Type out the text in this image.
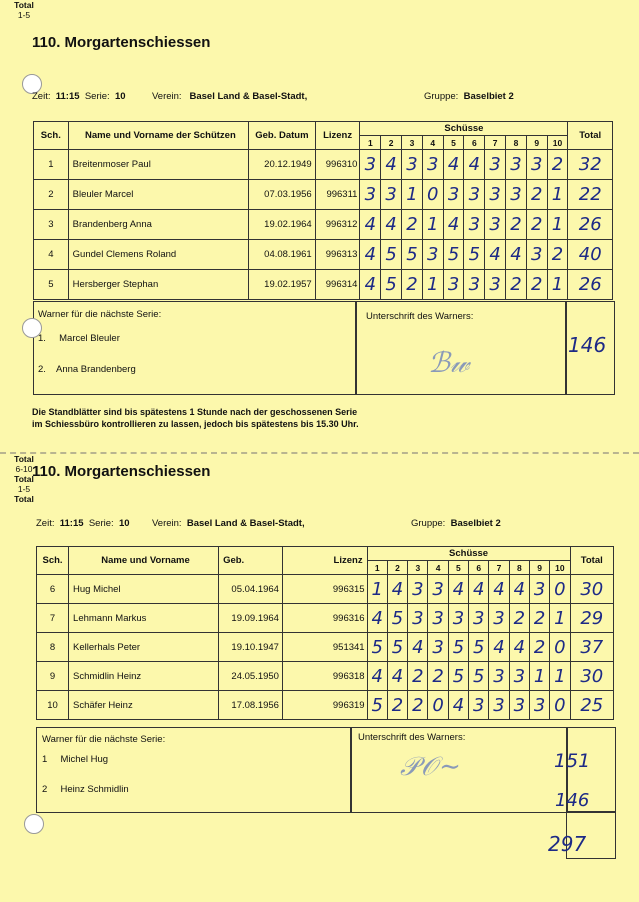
110. Morgartenschiessen
Zeit: 11:15 Serie: 10	Verein: Basel Land & Basel-Stadt,	Gruppe: Baselbiet 2
Sch.	Name und Vorname der Schützen	Geb. Datum	Lizenz	Schüsse										Total
				1	2	3	4	5	6	7	8	9	10	
1	Breitenmoser Paul	20.12.1949	996310	3	4	3	3	4	4	3	3	3	2	32
2	Bleuler Marcel	07.03.1956	996311	3	3	1	0	3	3	3	3	2	1	22
3	Brandenberg Anna	19.02.1964	996312	4	4	2	1	4	3	3	2	2	1	26
4	Gundel Clemens Roland	04.08.1961	996313	4	5	5	3	5	5	4	4	3	2	40
5	Hersberger Stephan	19.02.1957	996314	4	5	2	1	3	3	3	2	2	1	26
Warner für die nächste Serie:
1. Marcel Bleuler
2. Anna Brandenberg
Unterschrift des Warners:
ℬ𝓌
Total
1-5
146
Die Standblätter sind bis spätestens 1 Stunde nach der geschossenen Serie
im Schiessbüro kontrollieren zu lassen, jedoch bis spätestens bis 15.30 Uhr.
110. Morgartenschiessen
Zeit: 11:15 Serie: 10 Verein: Basel Land & Basel-Stadt,	Gruppe: Baselbiet 2
Sch.	Name und Vorname	Geb.	Lizenz	Schüsse										Total
				1	2	3	4	5	6	7	8	9	10	
6	Hug Michel	05.04.1964	996315	1	4	3	3	4	4	4	4	3	0	30
7	Lehmann Markus	19.09.1964	996316	4	5	3	3	3	3	3	2	2	1	29
8	Kellerhals Peter	19.10.1947	951341	5	5	4	3	5	5	4	4	2	0	37
9	Schmidlin Heinz	24.05.1950	996318	4	4	2	2	5	5	3	3	1	1	30
10	Schäfer Heinz	17.08.1956	996319	5	2	2	0	4	3	3	3	3	0	25
Warner für die nächste Serie:
1 Michel Hug
2 Heinz Schmidlin
Unterschrift des Warners:
𝒫𝒪∼
Total
6-10
151
Total
1-5
146
Total
297
